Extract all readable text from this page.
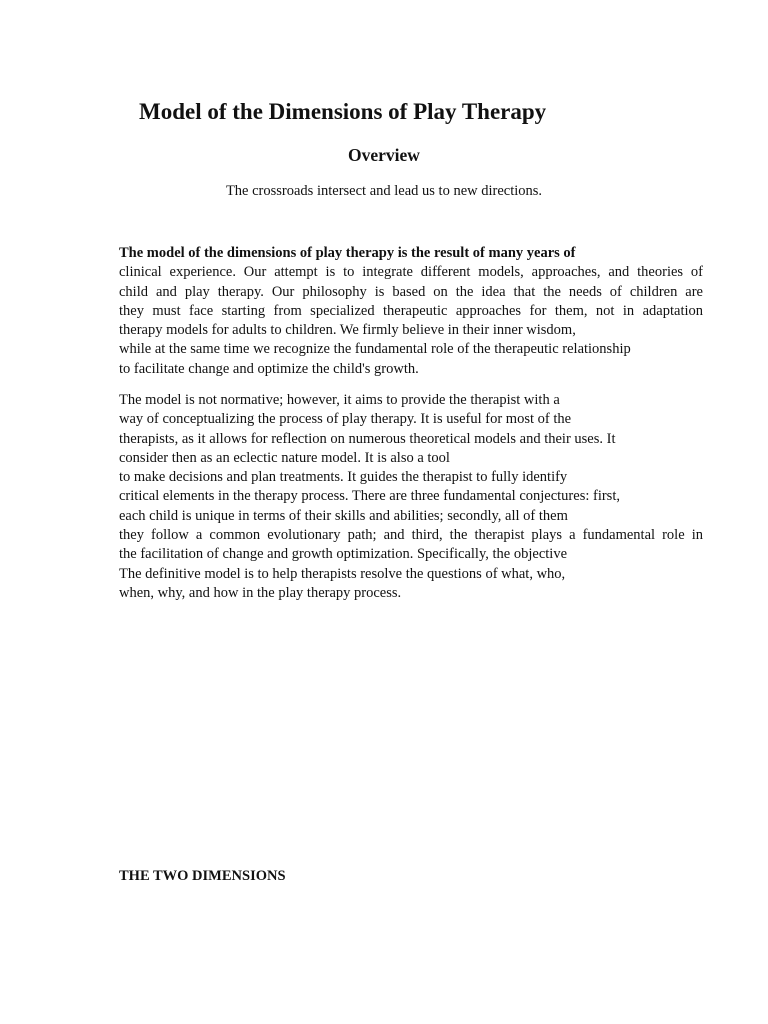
Model of the Dimensions of Play Therapy
Overview

The crossroads intersect and lead us to new directions.

The model of the dimensions of play therapy is the result of many years of
clinical experience. Our attempt is to integrate different models, approaches, and theories of
child and play therapy. Our philosophy is based on the idea that the needs of children are
they must face starting from specialized therapeutic approaches for them, not in adaptation
therapy models for adults to children. We firmly believe in their inner wisdom,
while at the same time we recognize the fundamental role of the therapeutic relationship
to facilitate change and optimize the child's growth.
The model is not normative; however, it aims to provide the therapist with a
way of conceptualizing the process of play therapy. It is useful for most of the
therapists, as it allows for reflection on numerous theoretical models and their uses. It
consider then as an eclectic nature model. It is also a tool
to make decisions and plan treatments. It guides the therapist to fully identify
critical elements in the therapy process. There are three fundamental conjectures: first,
each child is unique in terms of their skills and abilities; secondly, all of them
they follow a common evolutionary path; and third, the therapist plays a fundamental role in
the facilitation of change and growth optimization. Specifically, the objective
The definitive model is to help therapists resolve the questions of what, who,
when, why, and how in the play therapy process.
THE TWO DIMENSIONS
